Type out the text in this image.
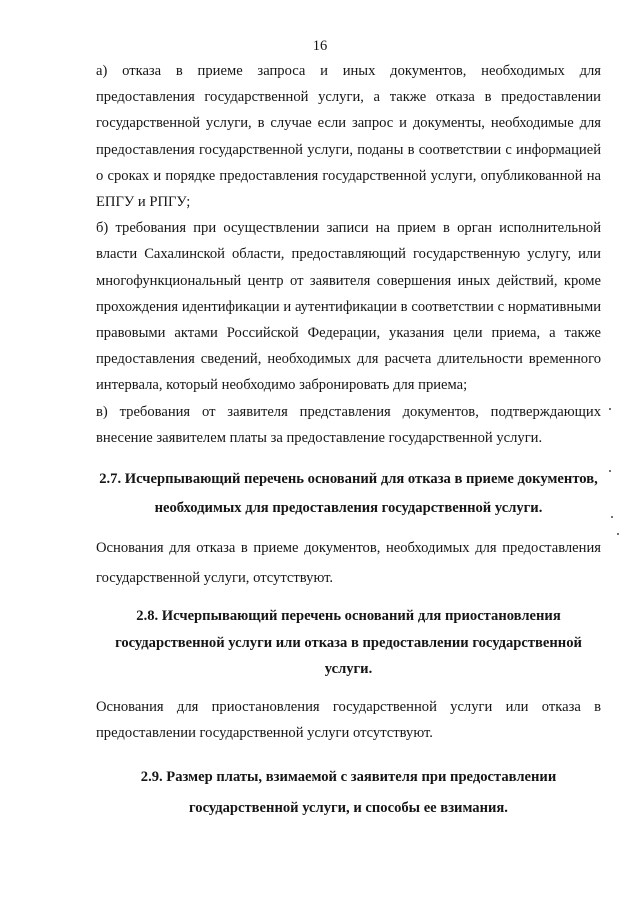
16

а) отказа в приеме запроса и иных документов, необходимых для предоставления государственной услуги, а также отказа в предоставлении государственной услуги, в случае если запрос и документы, необходимые для предоставления государственной услуги, поданы в соответствии с информацией о сроках и порядке предоставления государственной услуги, опубликованной на ЕПГУ и РПГУ;

б) требования при осуществлении записи на прием в орган исполнительной власти Сахалинской области, предоставляющий государственную услугу, или многофункциональный центр от заявителя совершения иных действий, кроме прохождения идентификации и аутентификации в соответствии с нормативными правовыми актами Российской Федерации, указания цели приема, а также предоставления сведений, необходимых для расчета длительности временного интервала, который необходимо забронировать для приема;

в) требования от заявителя представления документов, подтверждающих внесение заявителем платы за предоставление государственной услуги.

2.7. Исчерпывающий перечень оснований для отказа в приеме документов, необходимых для предоставления государственной услуги.

Основания для отказа в приеме документов, необходимых для предоставления государственной услуги, отсутствуют.

2.8. Исчерпывающий перечень оснований для приостановления государственной услуги или отказа в предоставлении государственной услуги.

Основания для приостановления государственной услуги или отказа в предоставлении государственной услуги отсутствуют.

2.9. Размер платы, взимаемой с заявителя при предоставлении государственной услуги, и способы ее взимания.
